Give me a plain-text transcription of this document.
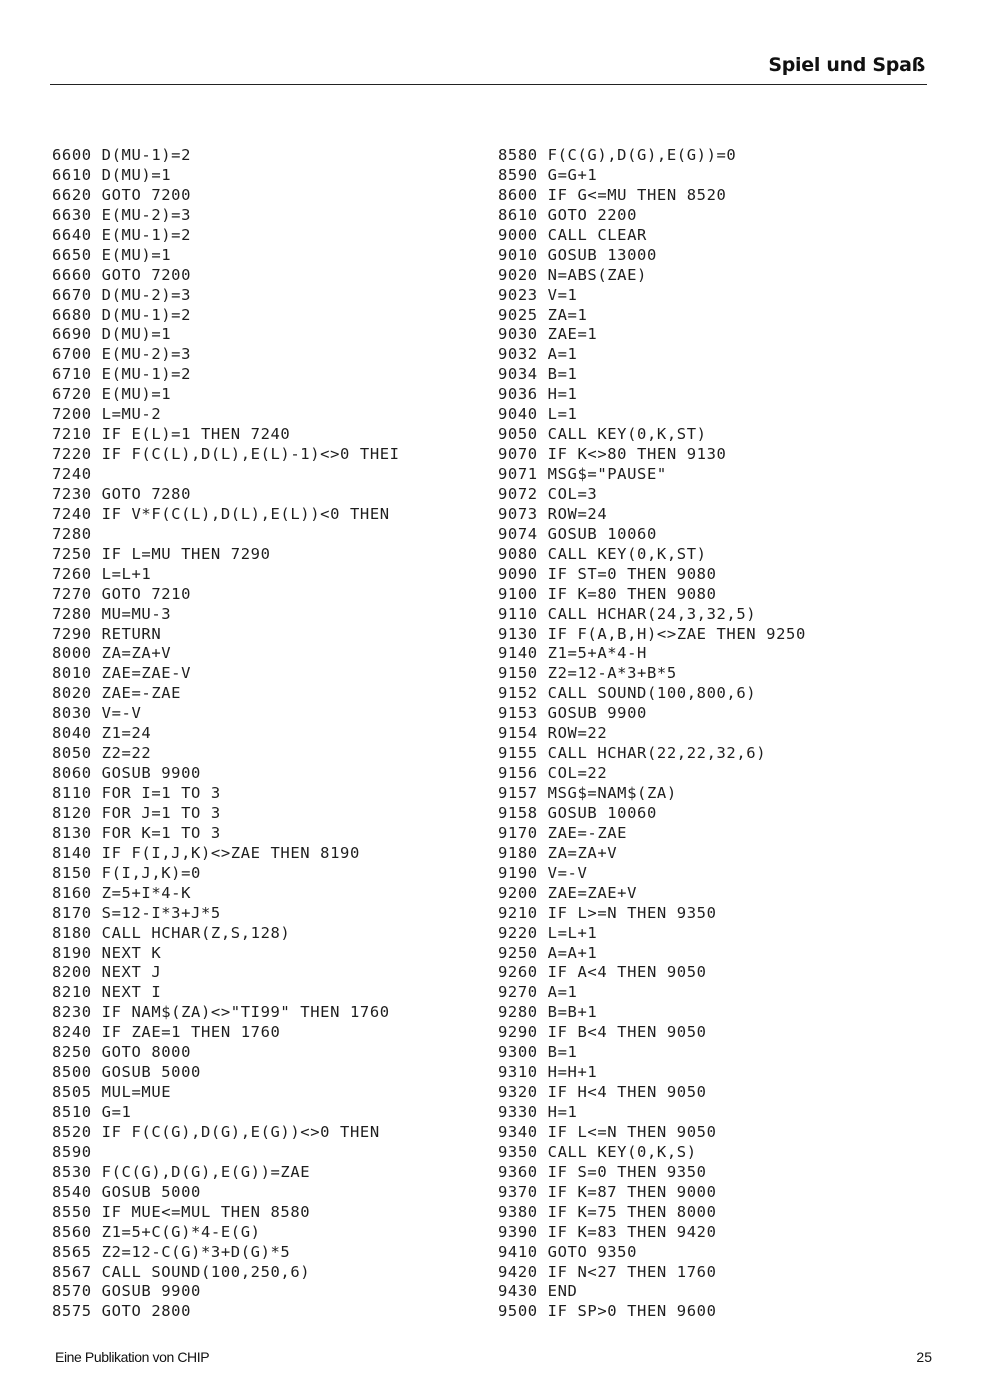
Spiel und Spaß
6600 D(MU-1)=2
6610 D(MU)=1
6620 GOTO 7200
6630 E(MU-2)=3
6640 E(MU-1)=2
6650 E(MU)=1
6660 GOTO 7200
6670 D(MU-2)=3
6680 D(MU-1)=2
6690 D(MU)=1
6700 E(MU-2)=3
6710 E(MU-1)=2
6720 E(MU)=1
7200 L=MU-2
7210 IF E(L)=1 THEN 7240
7220 IF F(C(L),D(L),E(L)-1)<>0 THEI
7240
7230 GOTO 7280
7240 IF V*F(C(L),D(L),E(L))<0 THEN
7280
7250 IF L=MU THEN 7290
7260 L=L+1
7270 GOTO 7210
7280 MU=MU-3
7290 RETURN
8000 ZA=ZA+V
8010 ZAE=ZAE-V
8020 ZAE=-ZAE
8030 V=-V
8040 Z1=24
8050 Z2=22
8060 GOSUB 9900
8110 FOR I=1 TO 3
8120 FOR J=1 TO 3
8130 FOR K=1 TO 3
8140 IF F(I,J,K)<>ZAE THEN 8190
8150 F(I,J,K)=0
8160 Z=5+I*4-K
8170 S=12-I*3+J*5
8180 CALL HCHAR(Z,S,128)
8190 NEXT K
8200 NEXT J
8210 NEXT I
8230 IF NAM$(ZA)<>"TI99" THEN 1760
8240 IF ZAE=1 THEN 1760
8250 GOTO 8000
8500 GOSUB 5000
8505 MUL=MUE
8510 G=1
8520 IF F(C(G),D(G),E(G))<>0 THEN
8590
8530 F(C(G),D(G),E(G))=ZAE
8540 GOSUB 5000
8550 IF MUE<=MUL THEN 8580
8560 Z1=5+C(G)*4-E(G)
8565 Z2=12-C(G)*3+D(G)*5
8567 CALL SOUND(100,250,6)
8570 GOSUB 9900
8575 GOTO 2800
8580 F(C(G),D(G),E(G))=0
8590 G=G+1
8600 IF G<=MU THEN 8520
8610 GOTO 2200
9000 CALL CLEAR
9010 GOSUB 13000
9020 N=ABS(ZAE)
9023 V=1
9025 ZA=1
9030 ZAE=1
9032 A=1
9034 B=1
9036 H=1
9040 L=1
9050 CALL KEY(0,K,ST)
9070 IF K<>80 THEN 9130
9071 MSG$="PAUSE"
9072 COL=3
9073 ROW=24
9074 GOSUB 10060
9080 CALL KEY(0,K,ST)
9090 IF ST=0 THEN 9080
9100 IF K=80 THEN 9080
9110 CALL HCHAR(24,3,32,5)
9130 IF F(A,B,H)<>ZAE THEN 9250
9140 Z1=5+A*4-H
9150 Z2=12-A*3+B*5
9152 CALL SOUND(100,800,6)
9153 GOSUB 9900
9154 ROW=22
9155 CALL HCHAR(22,22,32,6)
9156 COL=22
9157 MSG$=NAM$(ZA)
9158 GOSUB 10060
9170 ZAE=-ZAE
9180 ZA=ZA+V
9190 V=-V
9200 ZAE=ZAE+V
9210 IF L>=N THEN 9350
9220 L=L+1
9250 A=A+1
9260 IF A<4 THEN 9050
9270 A=1
9280 B=B+1
9290 IF B<4 THEN 9050
9300 B=1
9310 H=H+1
9320 IF H<4 THEN 9050
9330 H=1
9340 IF L<=N THEN 9050
9350 CALL KEY(0,K,S)
9360 IF S=0 THEN 9350
9370 IF K=87 THEN 9000
9380 IF K=75 THEN 8000
9390 IF K=83 THEN 9420
9410 GOTO 9350
9420 IF N<27 THEN 1760
9430 END
9500 IF SP>0 THEN 9600
Eine Publikation von CHIP	25
